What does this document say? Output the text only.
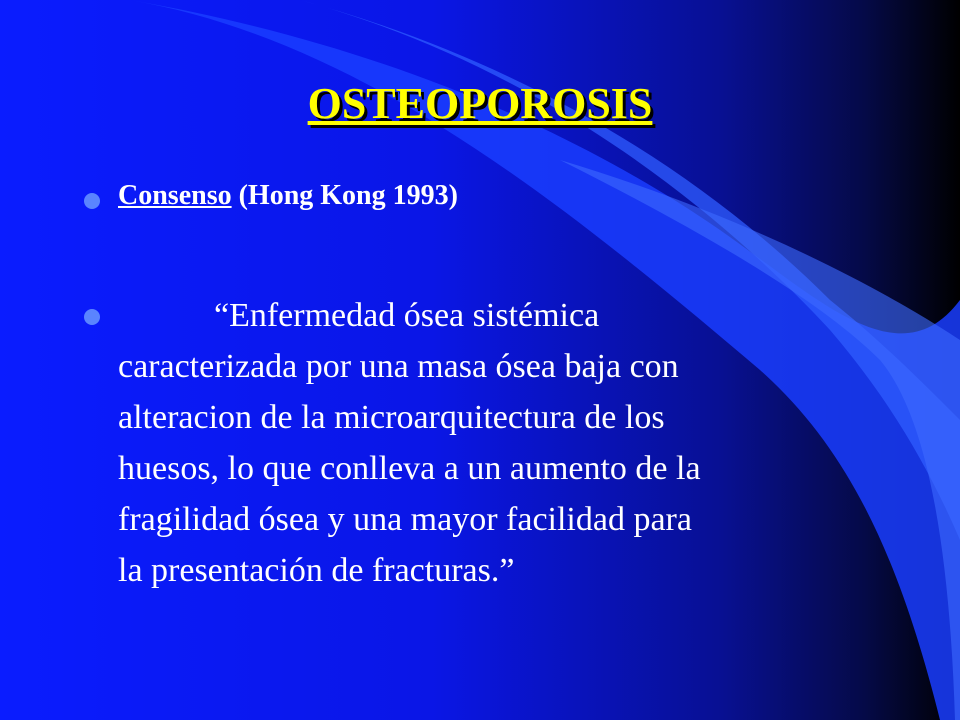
OSTEOPOROSIS
Consenso (Hong Kong 1993)
“Enfermedad ósea sistémica
caracterizada por una masa ósea baja con
alteracion de la microarquitectura de los
huesos, lo que conlleva a un aumento de la
fragilidad ósea y una mayor facilidad para
la presentación de fracturas.”
